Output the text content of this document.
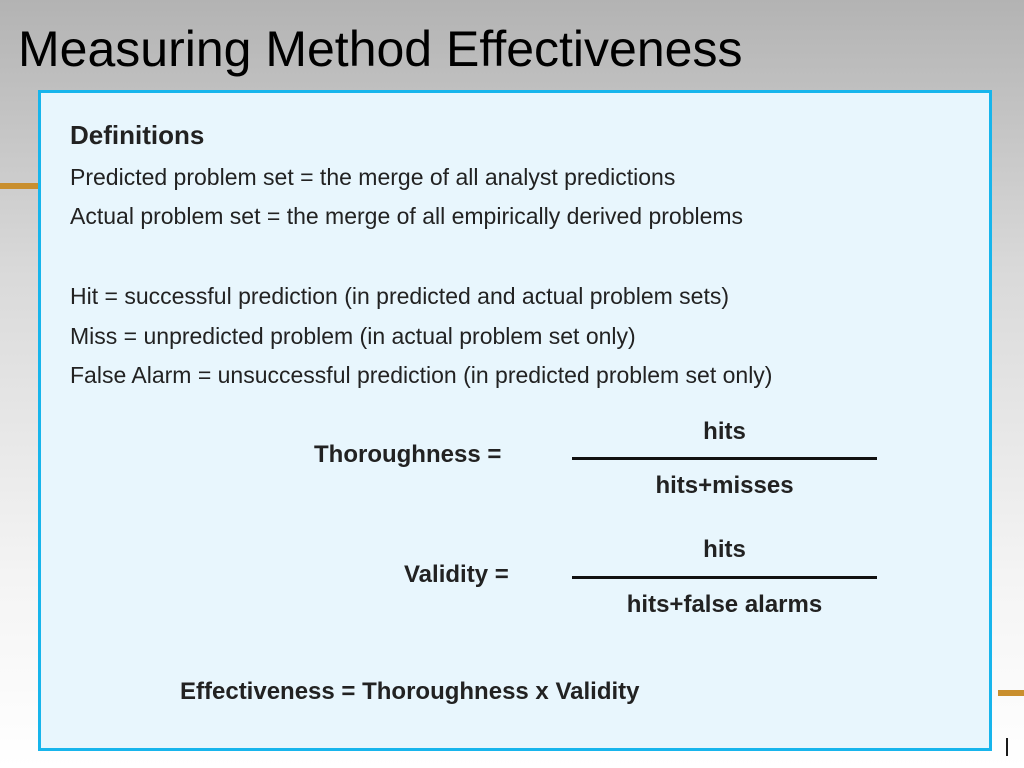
Measuring Method Effectiveness
Definitions
Predicted problem set = the merge of all analyst predictions
Actual problem set = the merge of all empirically derived problems
Hit = successful prediction (in predicted and actual problem sets)
Miss = unpredicted problem (in actual problem set only)
False Alarm = unsuccessful prediction (in predicted problem set only)
Thoroughness =
hits
hits+misses
Validity =
hits
hits+false alarms
Effectiveness = Thoroughness x Validity
